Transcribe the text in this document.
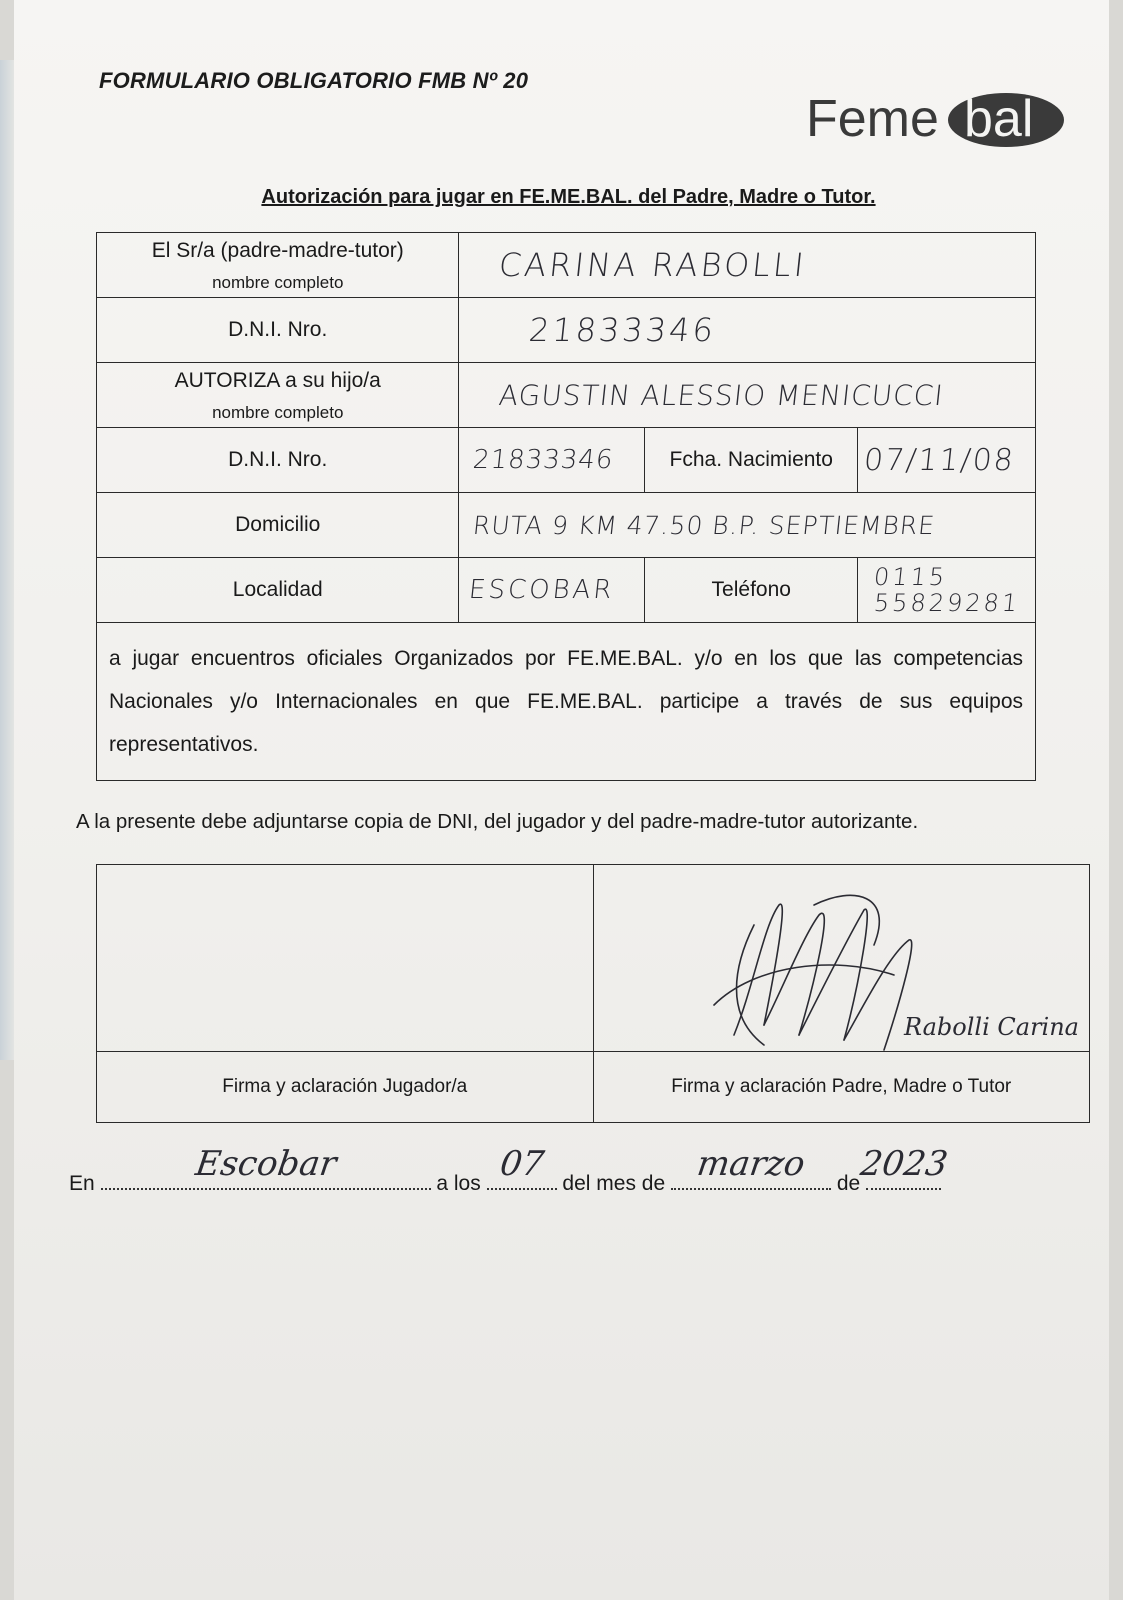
FORMULARIO OBLIGATORIO FMB Nº 20
Feme bal
Autorización para jugar en FE.ME.BAL. del Padre, Madre o Tutor.
El Sr/a (padre-madre-tutor)
nombre completo	CARINA RABOLLI		
D.N.I. Nro.	21833346		

AUTORIZA a su hijo/a
nombre completo	AGUSTIN ALESSIO MENICUCCI		
D.N.I. Nro.	21833346	Fcha. Nacimiento	07/11/08
Domicilio	RUTA 9 KM 47.50 B.P. SEPTIEMBRE		
Localidad	ESCOBAR	Teléfono	0115
55829281
a jugar encuentros oficiales Organizados por FE.ME.BAL. y/o en los que las competencias Nacionales y/o Internacionales en que FE.ME.BAL. participe a través de sus equipos representativos.			
A la presente debe adjuntarse copia de DNI, del jugador y del padre-madre-tutor autorizante.

Rabolli Carina

Firma y aclaración Jugador/a	Firma y aclaración Padre, Madre o Tutor
En	Escobar	a los 07 del mes de marzo de
2023
